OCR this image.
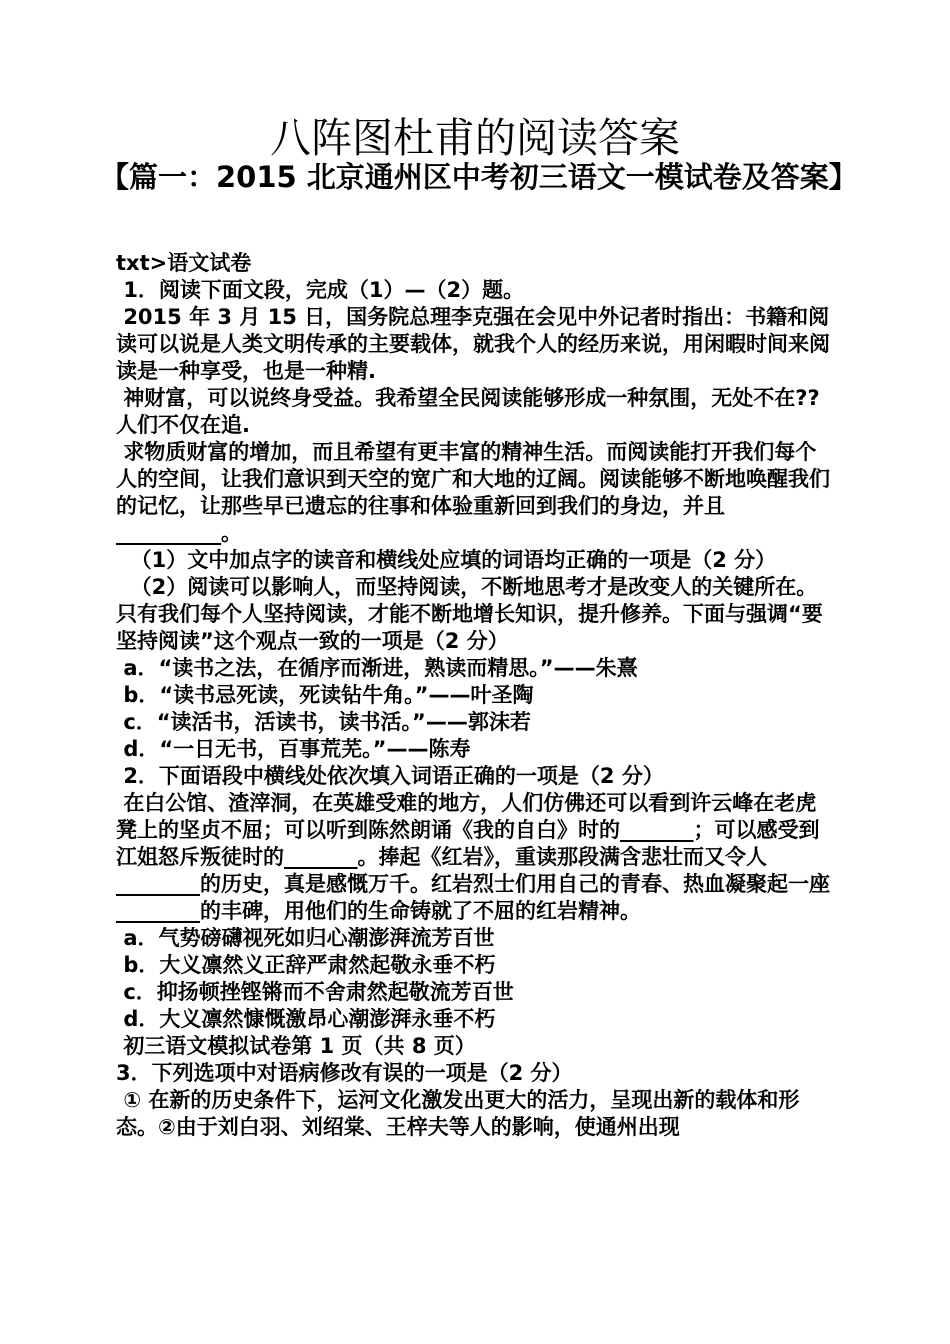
八阵图杜甫的阅读答案
【篇一：2015 北京通州区中考初三语文一模试卷及答案】

txt>语文试卷

1．阅读下面文段，完成（1）—（2）题。

2015 年 3 月 15 日，国务院总理李克强在会见中外记者时指出：书籍和阅读可以说是人类文明传承的主要载体，就我个人的经历来说，用闲暇时间来阅读是一种享受，也是一种精.

神财富，可以说终身受益。我希望全民阅读能够形成一种氛围，无处不在??人们不仅在追.

求物质财富的增加，而且希望有更丰富的精神生活。而阅读能打开我们每个人的空间，让我们意识到天空的宽广和大地的辽阔。阅读能够不断地唤醒我们的记忆，让那些早已遗忘的往事和体验重新回到我们的身边，并且__________。

（1）文中加点字的读音和横线处应填的词语均正确的一项是（2 分）

（2）阅读可以影响人，而坚持阅读，不断地思考才是改变人的关键所在。只有我们每个人坚持阅读，才能不断地增长知识，提升修养。下面与强调“要坚持阅读”这个观点一致的一项是（2 分）

a．“读书之法，在循序而渐进，熟读而精思。”——朱熹

b．“读书忌死读，死读钻牛角。”——叶圣陶

c．“读活书，活读书，读书活。”——郭沫若

d．“一日无书，百事荒芜。”——陈寿

2．下面语段中横线处依次填入词语正确的一项是（2 分）

在白公馆、渣滓洞，在英雄受难的地方，人们仿佛还可以看到许云峰在老虎凳上的坚贞不屈；可以听到陈然朗诵《我的自白》时的_______；可以感受到江姐怒斥叛徒时的_______。捧起《红岩》，重读那段满含悲壮而又令人________的历史，真是感慨万千。红岩烈士们用自己的青春、热血凝聚起一座________的丰碑，用他们的生命铸就了不屈的红岩精神。

a．气势磅礴视死如归心潮澎湃流芳百世

b．大义凛然义正辞严肃然起敬永垂不朽

c．抑扬顿挫铿锵而不舍肃然起敬流芳百世

d．大义凛然慷慨激昂心潮澎湃永垂不朽

初三语文模拟试卷第 1 页（共 8 页）

3．下列选项中对语病修改有误的一项是（2 分）

① 在新的历史条件下，运河文化激发出更大的活力，呈现出新的载体和形态。②由于刘白羽、刘绍棠、王梓夫等人的影响，使通州出现
